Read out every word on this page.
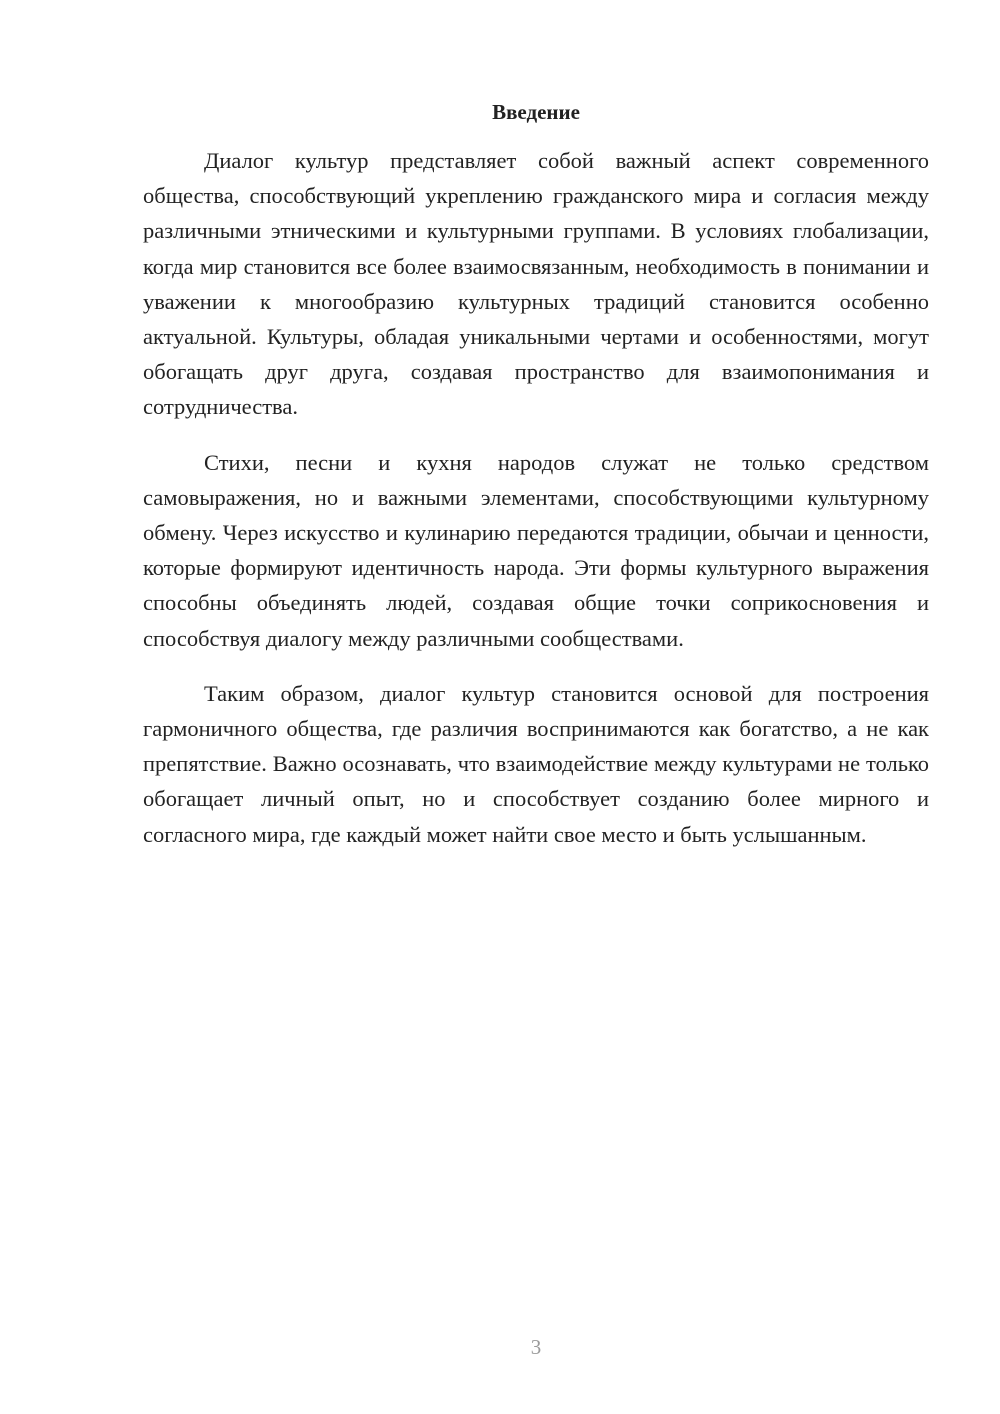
Введение

Диалог культур представляет собой важный аспект современного общества, способствующий укреплению гражданского мира и согласия между различными этническими и культурными группами. В условиях глобализации, когда мир становится все более взаимосвязанным, необходимость в понимании и уважении к многообразию культурных традиций становится особенно актуальной. Культуры, обладая уникальными чертами и особенностями, могут обогащать друг друга, создавая пространство для взаимопонимания и сотрудничества.

Стихи, песни и кухня народов служат не только средством самовыражения, но и важными элементами, способствующими культурному обмену. Через искусство и кулинарию передаются традиции, обычаи и ценности, которые формируют идентичность народа. Эти формы культурного выражения способны объединять людей, создавая общие точки соприкосновения и способствуя диалогу между различными сообществами.

Таким образом, диалог культур становится основой для построения гармоничного общества, где различия воспринимаются как богатство, а не как препятствие. Важно осознавать, что взаимодействие между культурами не только обогащает личный опыт, но и способствует созданию более мирного и согласного мира, где каждый может найти свое место и быть услышанным.

3
